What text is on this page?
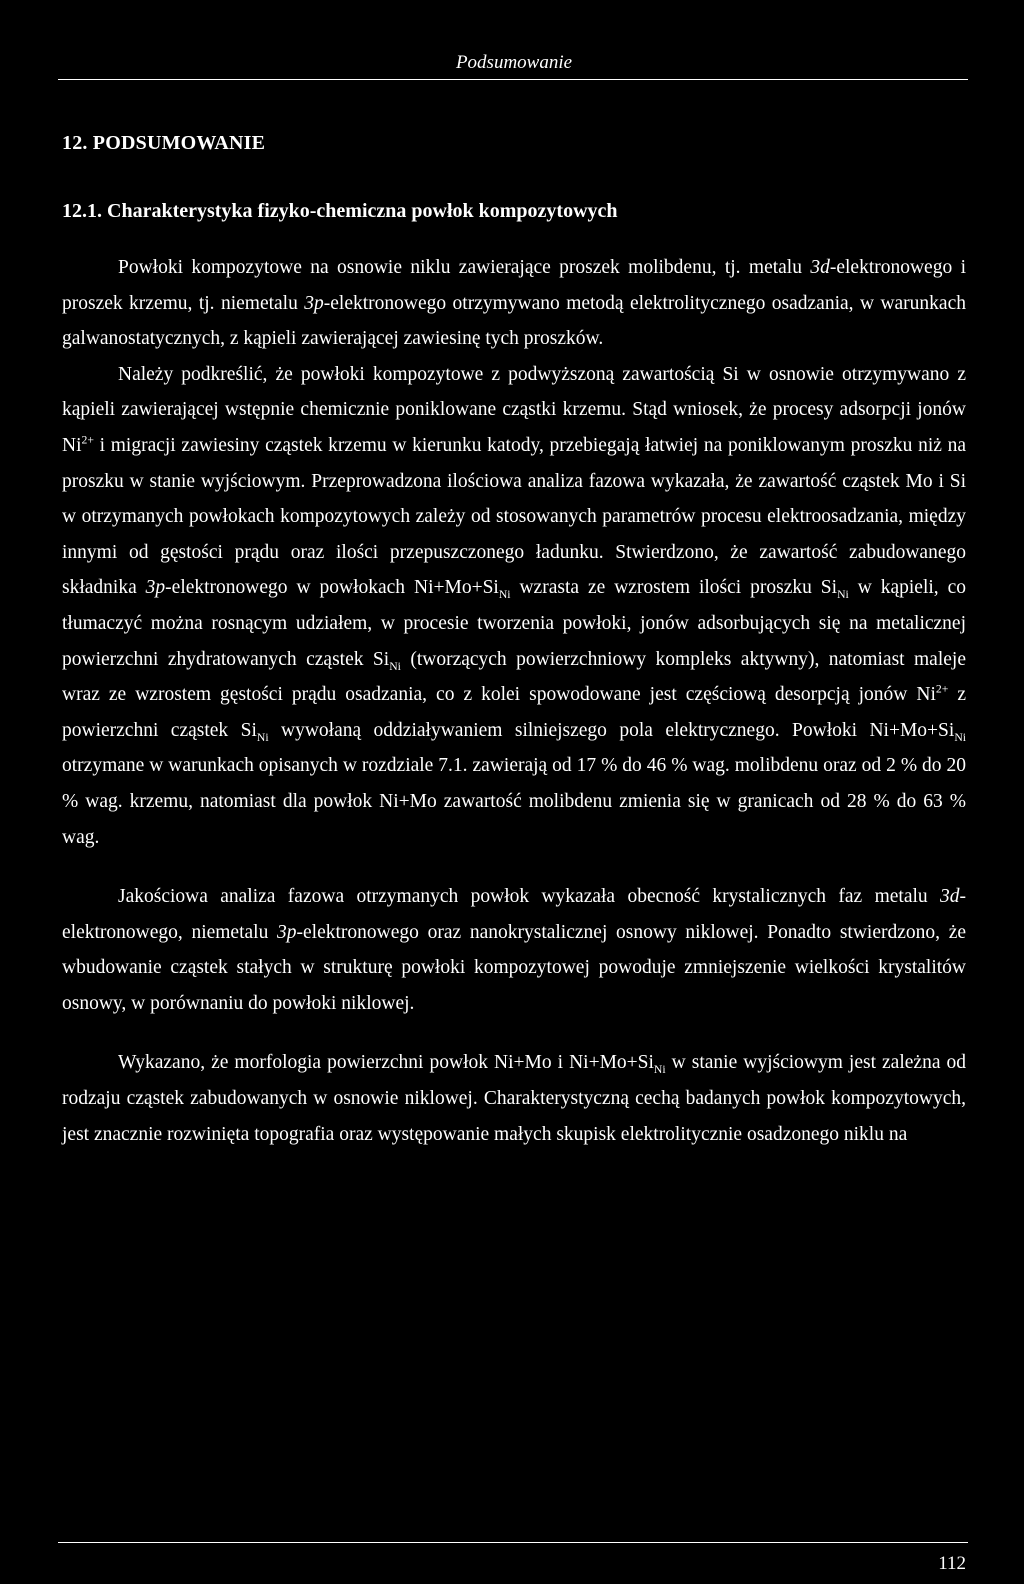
Podsumowanie
12. PODSUMOWANIE
12.1. Charakterystyka fizyko-chemiczna powłok kompozytowych

Powłoki kompozytowe na osnowie niklu zawierające proszek molibdenu, tj. metalu 3d-elektronowego i proszek krzemu, tj. niemetalu 3p-elektronowego otrzymywano metodą elektrolitycznego osadzania, w warunkach galwanostatycznych, z kąpieli zawierającej zawiesinę tych proszków.

Należy podkreślić, że powłoki kompozytowe z podwyższoną zawartością Si w osnowie otrzymywano z kąpieli zawierającej wstępnie chemicznie poniklowane cząstki krzemu. Stąd wniosek, że procesy adsorpcji jonów $Ni^{2+}$ i migracji zawiesiny cząstek krzemu w kierunku katody, przebiegają łatwiej na poniklowanym proszku niż na proszku w stanie wyjściowym. Przeprowadzona ilościowa analiza fazowa wykazała, że zawartość cząstek Mo i Si w otrzymanych powłokach kompozytowych zależy od stosowanych parametrów procesu elektroosadzania, między innymi od gęstości prądu oraz ilości przepuszczonego ładunku. Stwierdzono, że zawartość zabudowanego składnika 3p-elektronowego w powłokach $Ni+Mo+Si_{Ni}$ wzrasta ze wzrostem ilości proszku $Si_{Ni}$ w kąpieli, co tłumaczyć można rosnącym udziałem, w procesie tworzenia powłoki, jonów adsorbujących się na metalicznej powierzchni zhydratowanych cząstek $Si_{Ni}$ (tworzących powierzchniowy kompleks aktywny), natomiast maleje wraz ze wzrostem gęstości prądu osadzania, co z kolei spowodowane jest częściową desorpcją jonów $Ni^{2+}$ z powierzchni cząstek $Si_{Ni}$ wywołaną oddziaływaniem silniejszego pola elektrycznego. Powłoki $Ni+Mo+Si_{Ni}$ otrzymane w warunkach opisanych w rozdziale 7.1. zawierają od 17 % do 46 % wag. molibdenu oraz od 2 % do 20 % wag. krzemu, natomiast dla powłok Ni+Mo zawartość molibdenu zmienia się w granicach od 28 % do 63 % wag.

Jakościowa analiza fazowa otrzymanych powłok wykazała obecność krystalicznych faz metalu 3d-elektronowego, niemetalu 3p-elektronowego oraz nanokrystalicznej osnowy niklowej. Ponadto stwierdzono, że wbudowanie cząstek stałych w strukturę powłoki kompozytowej powoduje zmniejszenie wielkości krystalitów osnowy, w porównaniu do powłoki niklowej.

Wykazano, że morfologia powierzchni powłok Ni+Mo i $Ni+Mo+Si_{Ni}$ w stanie wyjściowym jest zależna od rodzaju cząstek zabudowanych w osnowie niklowej. Charakterystyczną cechą badanych powłok kompozytowych, jest znacznie rozwinięta topografia oraz występowanie małych skupisk elektrolitycznie osadzonego niklu na

112
